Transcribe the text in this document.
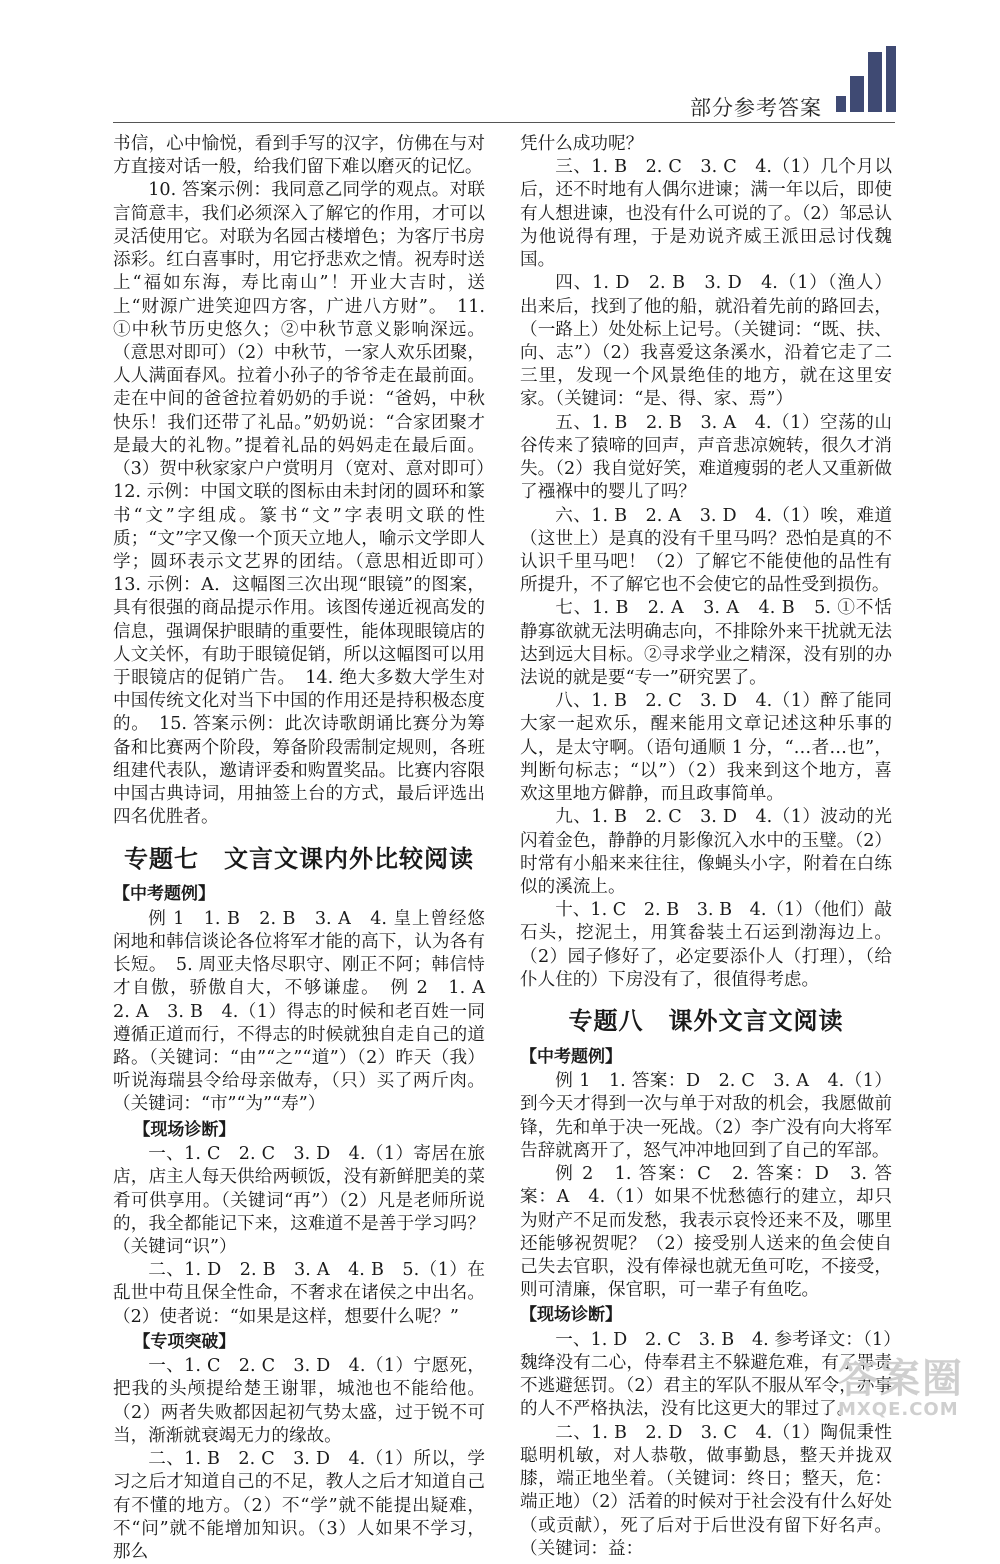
部分参考答案

书信，心中愉悦，看到手写的汉字，仿佛在与对方直接对话一般，给我们留下难以磨灭的记忆。

10. 答案示例：我同意乙同学的观点。对联言简意丰，我们必须深入了解它的作用，才可以灵活使用它。对联为名园古楼增色；为客厅书房添彩。红白喜事时，用它抒悲欢之情。祝寿时送上“福如东海，寿比南山”！开业大吉时，送上“财源广进笑迎四方客，广进八方财”。　11. ①中秋节历史悠久；②中秋节意义影响深远。（意思对即可）（2）中秋节，一家人欢乐团聚，人人满面春风。拉着小孙子的爷爷走在最前面。走在中间的爸爸拉着奶奶的手说：“爸妈，中秋快乐！我们还带了礼品。”奶奶说：“合家团聚才是最大的礼物。”提着礼品的妈妈走在最后面。（3）贺中秋家家户户赏明月（宽对、意对即可）　12. 示例：中国文联的图标由未封闭的圆环和篆书“文”字组成。篆书“文”字表明文联的性质；“文”字又像一个顶天立地人，喻示文学即人学；圆环表示文艺界的团结。（意思相近即可）　13. 示例：A．这幅图三次出现“眼镜”的图案，具有很强的商品提示作用。该图传递近视高发的信息，强调保护眼睛的重要性，能体现眼镜店的人文关怀，有助于眼镜促销，所以这幅图可以用于眼镜店的促销广告。　14. 绝大多数大学生对中国传统文化对当下中国的作用还是持积极态度的。　15. 答案示例：此次诗歌朗诵比赛分为筹备和比赛两个阶段，筹备阶段需制定规则，各班组建代表队，邀请评委和购置奖品。比赛内容限中国古典诗词，用抽签上台的方式，最后评选出四名优胜者。

专题七　文言文课内外比较阅读
【中考题例】

例 1　1. B　2. B　3. A　4. 皇上曾经悠闲地和韩信谈论各位将军才能的高下，认为各有长短。　5. 周亚夫恪尽职守、刚正不阿；韩信恃才自傲，骄傲自大，不够谦虚。　例 2　1. A　2. A　3. B　4.（1）得志的时候和老百姓一同遵循正道而行，不得志的时候就独自走自己的道路。（关键词：“由”“之”“道”）（2）昨天（我）听说海瑞县令给母亲做寿，（只）买了两斤肉。（关键词：“市”“为”“寿”）

【现场诊断】

一、1. C　2. C　3. D　4.（1）寄居在旅店，店主人每天供给两顿饭，没有新鲜肥美的菜肴可供享用。（关键词“再”）（2）凡是老师所说的，我全都能记下来，这难道不是善于学习吗？（关键词“识”）

二、1. D　2. B　3. A　4. B　5.（1）在乱世中苟且保全性命，不奢求在诸侯之中出名。（2）使者说：“如果是这样，想要什么呢？”

【专项突破】

一、1. C　2. C　3. D　4.（1）宁愿死，把我的头颅提给楚王谢罪，城池也不能给他。（2）两者失败都因起初气势太盛，过于锐不可当，渐渐就衰竭无力的缘故。

二、1. B　2. C　3. D　4.（1）所以，学习之后才知道自己的不足，教人之后才知道自己有不懂的地方。（2）不“学”就不能提出疑难，不“问”就不能增加知识。（3）人如果不学习，那么

凭什么成功呢？

三、1. B　2. C　3. C　4.（1）几个月以后，还不时地有人偶尔进谏；满一年以后，即使有人想进谏，也没有什么可说的了。（2）邹忌认为他说得有理，于是劝说齐威王派田忌讨伐魏国。

四、1. D　2. B　3. D　4.（1）（渔人）出来后，找到了他的船，就沿着先前的路回去，（一路上）处处标上记号。（关键词：“既、扶、向、志”）（2）我喜爱这条溪水，沿着它走了二三里，发现一个风景绝佳的地方，就在这里安家。（关键词：“是、得、家、焉”）

五、1. B　2. B　3. A　4.（1）空荡的山谷传来了猿啼的回声，声音悲凉婉转，很久才消失。（2）我自觉好笑，难道瘦弱的老人又重新做了襁褓中的婴儿了吗？

六、1. B　2. A　3. D　4.（1）唉，难道（这世上）是真的没有千里马吗？恐怕是真的不认识千里马吧！（2）了解它不能使他的品性有所提升，不了解它也不会使它的品性受到损伤。

七、1. B　2. A　3. A　4. B　5. ①不恬静寡欲就无法明确志向，不排除外来干扰就无法达到远大目标。②寻求学业之精深，没有别的办法说的就是要“专一”研究罢了。

八、1. B　2. C　3. D　4.（1）醉了能同大家一起欢乐，醒来能用文章记述这种乐事的人，是太守啊。（语句通顺 1 分，“…者…也”，判断句标志；“以”）（2）我来到这个地方，喜欢这里地方僻静，而且政事简单。

九、1. B　2. C　3. D　4.（1）波动的光闪着金色，静静的月影像沉入水中的玉璧。（2）时常有小船来来往往，像蝇头小字，附着在白练似的溪流上。

十、1. C　2. B　3. B　4.（1）（他们）敲石头，挖泥土，用箕畚装土石运到渤海边上。（2）园子修好了，必定要添仆人（打理），（给仆人住的）下房没有了，很值得考虑。

专题八　课外文言文阅读
【中考题例】

例 1　1. 答案：D　2. C　3. A　4.（1）到今天才得到一次与单于对敌的机会，我愿做前锋，先和单于决一死战。（2）李广没有向大将军告辞就离开了，怒气冲冲地回到了自己的军部。

例 2　1. 答案：C　2. 答案：D　3. 答案：A　4.（1）如果不忧愁德行的建立，却只为财产不足而发愁，我表示哀怜还来不及，哪里还能够祝贺呢？（2）接受别人送来的鱼会使自己失去官职，没有俸禄也就无鱼可吃，不接受，则可清廉，保官职，可一辈子有鱼吃。

【现场诊断】

一、1. D　2. C　3. B　4. 参考译文：（1）魏绛没有二心，侍奉君主不躲避危难，有了罪责不逃避惩罚。（2）君主的军队不服从军令，办事的人不严格执法，没有比这更大的罪过了。

二、1. B　2. D　3. C　4.（1）陶侃秉性聪明机敏，对人恭敬，做事勤恳，整天并拢双膝，端正地坐着。（关键词：终日；整天，危：端正地）（2）活着的时候对于社会没有什么好处（或贡献），死了后对于后世没有留下好名声。（关键词：益：

答案圈
MXQE.COM
